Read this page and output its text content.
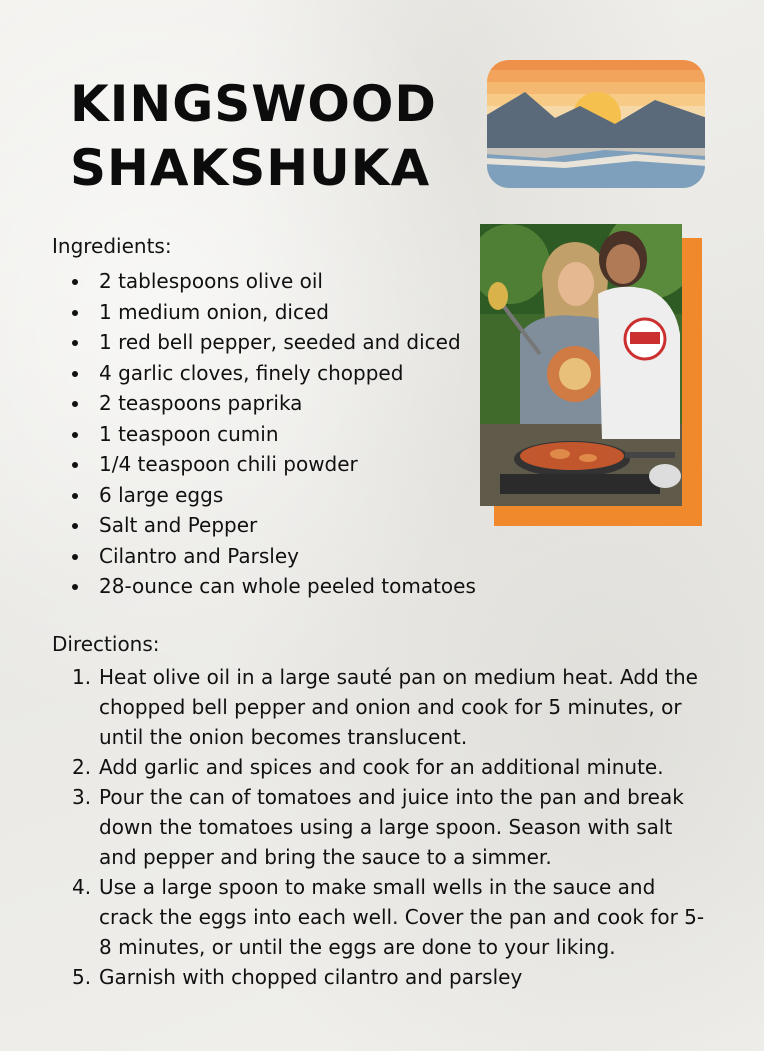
KINGSWOOD
SHAKSHUKA
Ingredients:
2 tablespoons olive oil
1 medium onion, diced
1 red bell pepper, seeded and diced
4 garlic cloves, finely chopped
2 teaspoons paprika
1 teaspoon cumin
1/4 teaspoon chili powder
6 large eggs
Salt and Pepper
Cilantro and Parsley
28-ounce can whole peeled tomatoes
Directions:
1. Heat olive oil in a large sauté pan on medium heat. Add the chopped bell pepper and onion and cook for 5 minutes, or until the onion becomes translucent.
2. Add garlic and spices and cook for an additional minute.
3. Pour the can of tomatoes and juice into the pan and break down the tomatoes using a large spoon. Season with salt and pepper and bring the sauce to a simmer.
4. Use a large spoon to make small wells in the sauce and crack the eggs into each well. Cover the pan and cook for 5-8 minutes, or until the eggs are done to your liking.
5. Garnish with chopped cilantro and parsley
